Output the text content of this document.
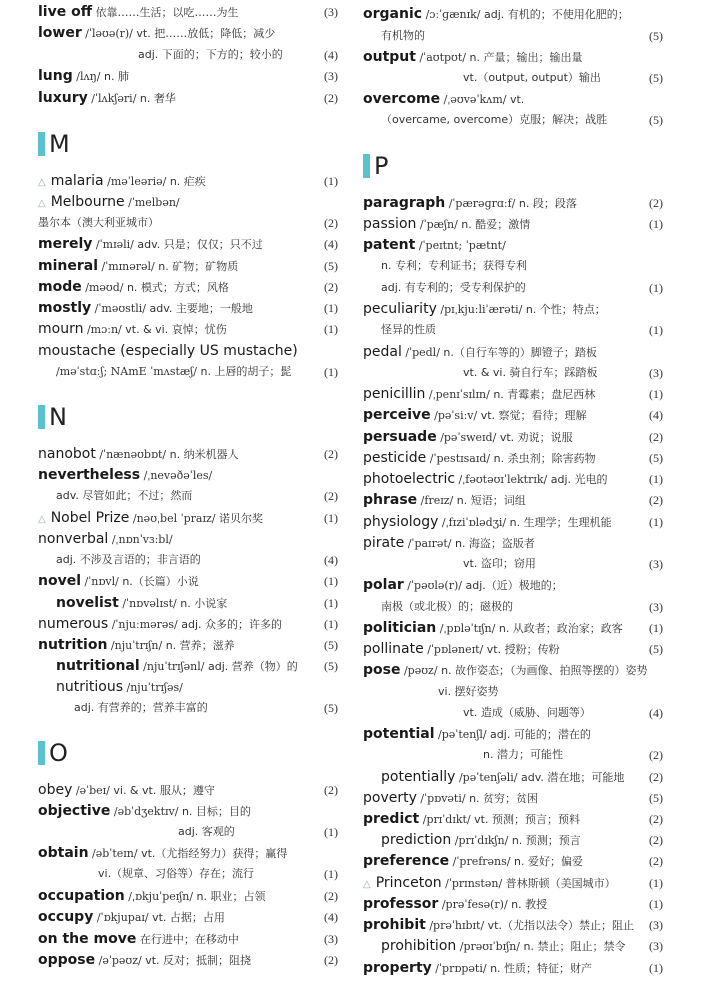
live off 依靠……生活；以吃……为生	(3)
lower /ˈləʊə(r)/ vt. 把……放低；降低；减少
adj. 下面的；下方的；较小的	(4)
lung /lʌŋ/ n. 肺	(3)
luxury /ˈlʌkʃəri/ n. 奢华	(2)
M
△ malaria /məˈleəriə/ n. 疟疾	(1)
△ Melbourne /ˈmelbən/
墨尔本（澳大利亚城市）	(2)
merely /ˈmɪəli/ adv. 只是；仅仅；只不过	(4)
mineral /ˈmɪnərəl/ n. 矿物；矿物质	(5)
mode /məʊd/ n. 模式；方式；风格	(2)
mostly /ˈməʊstli/ adv. 主要地；一般地	(1)
mourn /mɔːn/ vt. & vi. 哀悼；忧伤	(1)
moustache (especially US mustache)
/məˈstɑːʃ; NAmE ˈmʌstæʃ/ n. 上唇的胡子；髭	(1)
N
nanobot /ˈnænəʊbɒt/ n. 纳米机器人	(2)
nevertheless /ˌnevəðəˈles/
adv. 尽管如此；不过；然而	(2)
△ Nobel Prize /nəʊˌbel ˈpraɪz/ 诺贝尔奖	(1)
nonverbal /ˌnɒnˈvɜːbl/
adj. 不涉及言语的；非言语的	(4)
novel /ˈnɒvl/ n.（长篇）小说	(1)
novelist /ˈnɒvəlɪst/ n. 小说家	(1)
numerous /ˈnjuːmərəs/ adj. 众多的；许多的	(1)
nutrition /njuˈtrɪʃn/ n. 营养；滋养	(5)
nutritional /njuˈtrɪʃənl/ adj. 营养（物）的 (5)
nutritious /njuˈtrɪʃəs/
adj. 有营养的；营养丰富的	(5)
O
obey /əˈbeɪ/ vi. & vt. 服从；遵守	(2)
objective /əbˈdʒektɪv/ n. 目标；目的
adj. 客观的	(1)
obtain /əbˈteɪn/ vt.（尤指经努力）获得；赢得
vi.（规章、习俗等）存在；流行	(1)
occupation /ˌɒkjuˈpeɪʃn/ n. 职业；占领	(2)
occupy /ˈɒkjupaɪ/ vt. 占据；占用	(4)
on the move 在行进中；在移动中	(3)
oppose /əˈpəʊz/ vt. 反对；抵制；阻挠	(2)
organic /ɔːˈɡænɪk/ adj. 有机的；不使用化肥的；
有机物的	(5)
output /ˈaʊtpʊt/ n. 产量；输出；输出量
vt.（output, output）输出	(5)
overcome /ˌəʊvəˈkʌm/ vt.
（overcame, overcome）克服；解决；战胜	(5)
P
paragraph /ˈpærəɡrɑːf/ n. 段；段落	(2)
passion /ˈpæʃn/ n. 酷爱；激情	(1)
patent /ˈpeɪtnt; ˈpætnt/
n. 专利；专利证书；获得专利
adj. 有专利的；受专利保护的	(1)
peculiarity /pɪˌkjuːliˈærəti/ n. 个性；特点；
怪异的性质	(1)
pedal /ˈpedl/ n.（自行车等的）脚镫子；踏板
vt. & vi. 骑自行车；踩踏板	(3)
penicillin /ˌpenɪˈsɪlɪn/ n. 青霉素；盘尼西林	(1)
perceive /pəˈsiːv/ vt. 察觉；看待；理解	(4)
persuade /pəˈsweɪd/ vt. 劝说；说服	(2)
pesticide /ˈpestɪsaɪd/ n. 杀虫剂；除害药物	(5)
photoelectric /ˌfəʊtəʊɪˈlektrɪk/ adj. 光电的	(1)
phrase /freɪz/ n. 短语；词组	(2)
physiology /ˌfɪziˈɒlədʒi/ n. 生理学；生理机能	(1)
pirate /ˈpaɪrət/ n. 海盗；盗版者
vt. 盗印；窃用	(3)
polar /ˈpəʊlə(r)/ adj.（近）极地的；
南极（或北极）的；磁极的	(3)
politician /ˌpɒləˈtɪʃn/ n. 从政者；政治家；政客 (1)
pollinate /ˈpɒləneɪt/ vt. 授粉；传粉	(5)
pose /pəʊz/ n. 故作姿态；（为画像、拍照等摆的）姿势
vi. 摆好姿势
vt. 造成（威胁、问题等）	(4)
potential /pəˈtenʃl/ adj. 可能的；潜在的
n. 潜力；可能性	(2)
potentially /pəˈtenʃəli/ adv. 潜在地；可能地 (2)
poverty /ˈpɒvəti/ n. 贫穷；贫困	(5)
predict /prɪˈdɪkt/ vt. 预测；预言；预料	(2)
prediction /prɪˈdɪkʃn/ n. 预测；预言	(2)
preference /ˈprefrəns/ n. 爱好；偏爱	(2)
△ Princeton /ˈprɪnstən/ 普林斯顿（美国城市）	(1)
professor /prəˈfesə(r)/ n. 教授	(1)
prohibit /prəˈhɪbɪt/ vt.（尤指以法令）禁止；阻止 (3)
prohibition /prəʊɪˈbɪʃn/ n. 禁止；阻止；禁令 (3)
property /ˈprɒpəti/ n. 性质；特征；财产	(1)
